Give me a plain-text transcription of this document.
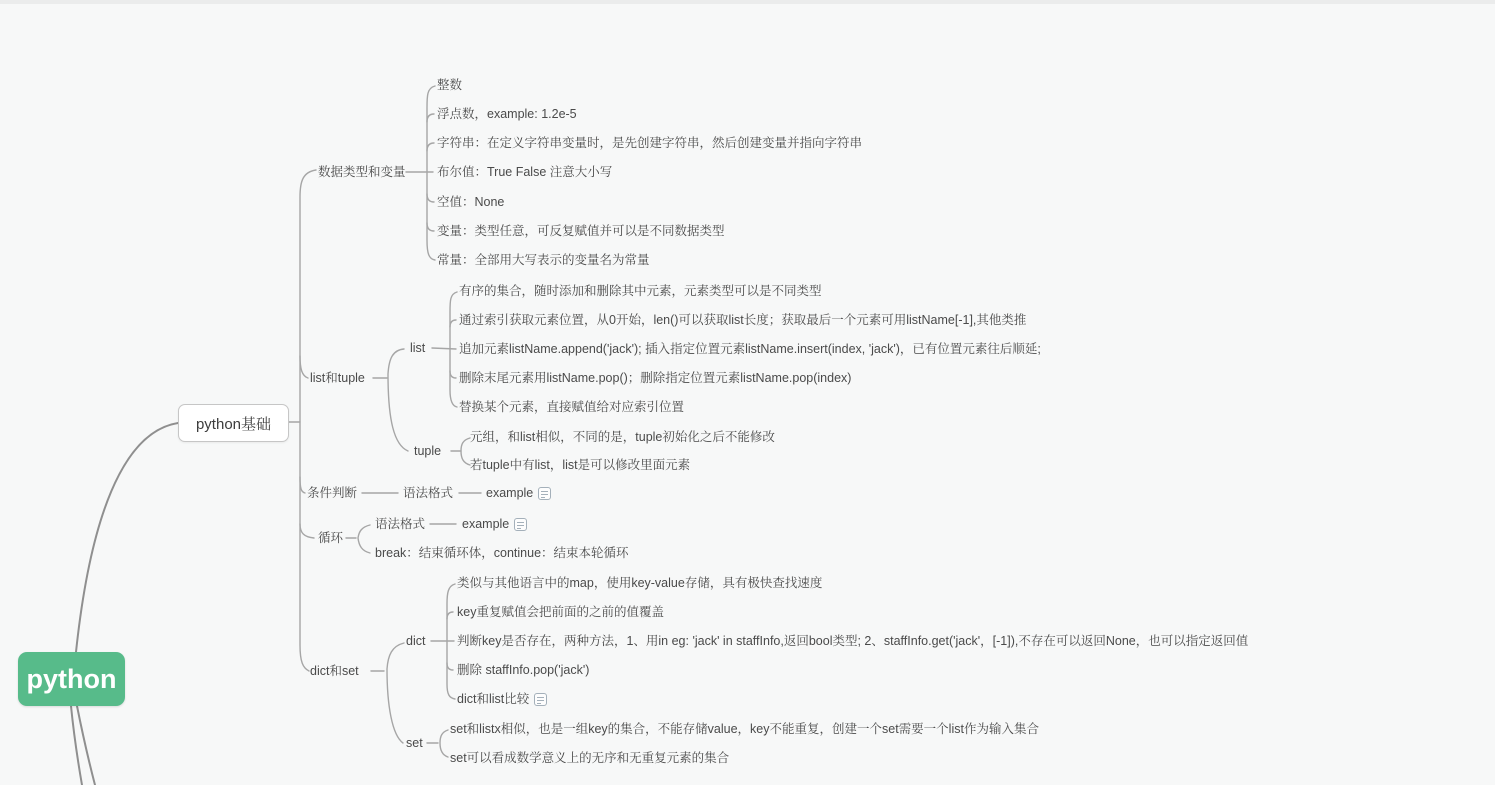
python
python基础
数据类型和变量
整数
浮点数，example: 1.2e-5
字符串：在定义字符串变量时，是先创建字符串，然后创建变量并指向字符串
布尔值：True False 注意大小写
空值：None
变量：类型任意，可反复赋值并可以是不同数据类型
常量：全部用大写表示的变量名为常量
list和tuple
list
有序的集合，随时添加和删除其中元素，元素类型可以是不同类型
通过索引获取元素位置，从0开始，len()可以获取list长度；获取最后一个元素可用listName[-1],其他类推
追加元素listName.append('jack'); 插入指定位置元素listName.insert(index, 'jack')，已有位置元素往后顺延;
删除末尾元素用listName.pop()；删除指定位置元素listName.pop(index)
替换某个元素，直接赋值给对应索引位置
tuple
元组，和list相似，不同的是，tuple初始化之后不能修改
若tuple中有list，list是可以修改里面元素
条件判断	语法格式	example
循环
语法格式	example
break：结束循环体，continue：结束本轮循环
dict和set
dict
类似与其他语言中的map，使用key-value存储，具有极快查找速度
key重复赋值会把前面的之前的值覆盖
判断key是否存在，两种方法，1、用in eg: 'jack' in staffInfo,返回bool类型; 2、staffInfo.get('jack'，[-1]),不存在可以返回None，也可以指定返回值
删除 staffInfo.pop('jack')
dict和list比较
set
set和listx相似，也是一组key的集合，不能存储value，key不能重复，创建一个set需要一个list作为输入集合
set可以看成数学意义上的无序和无重复元素的集合
